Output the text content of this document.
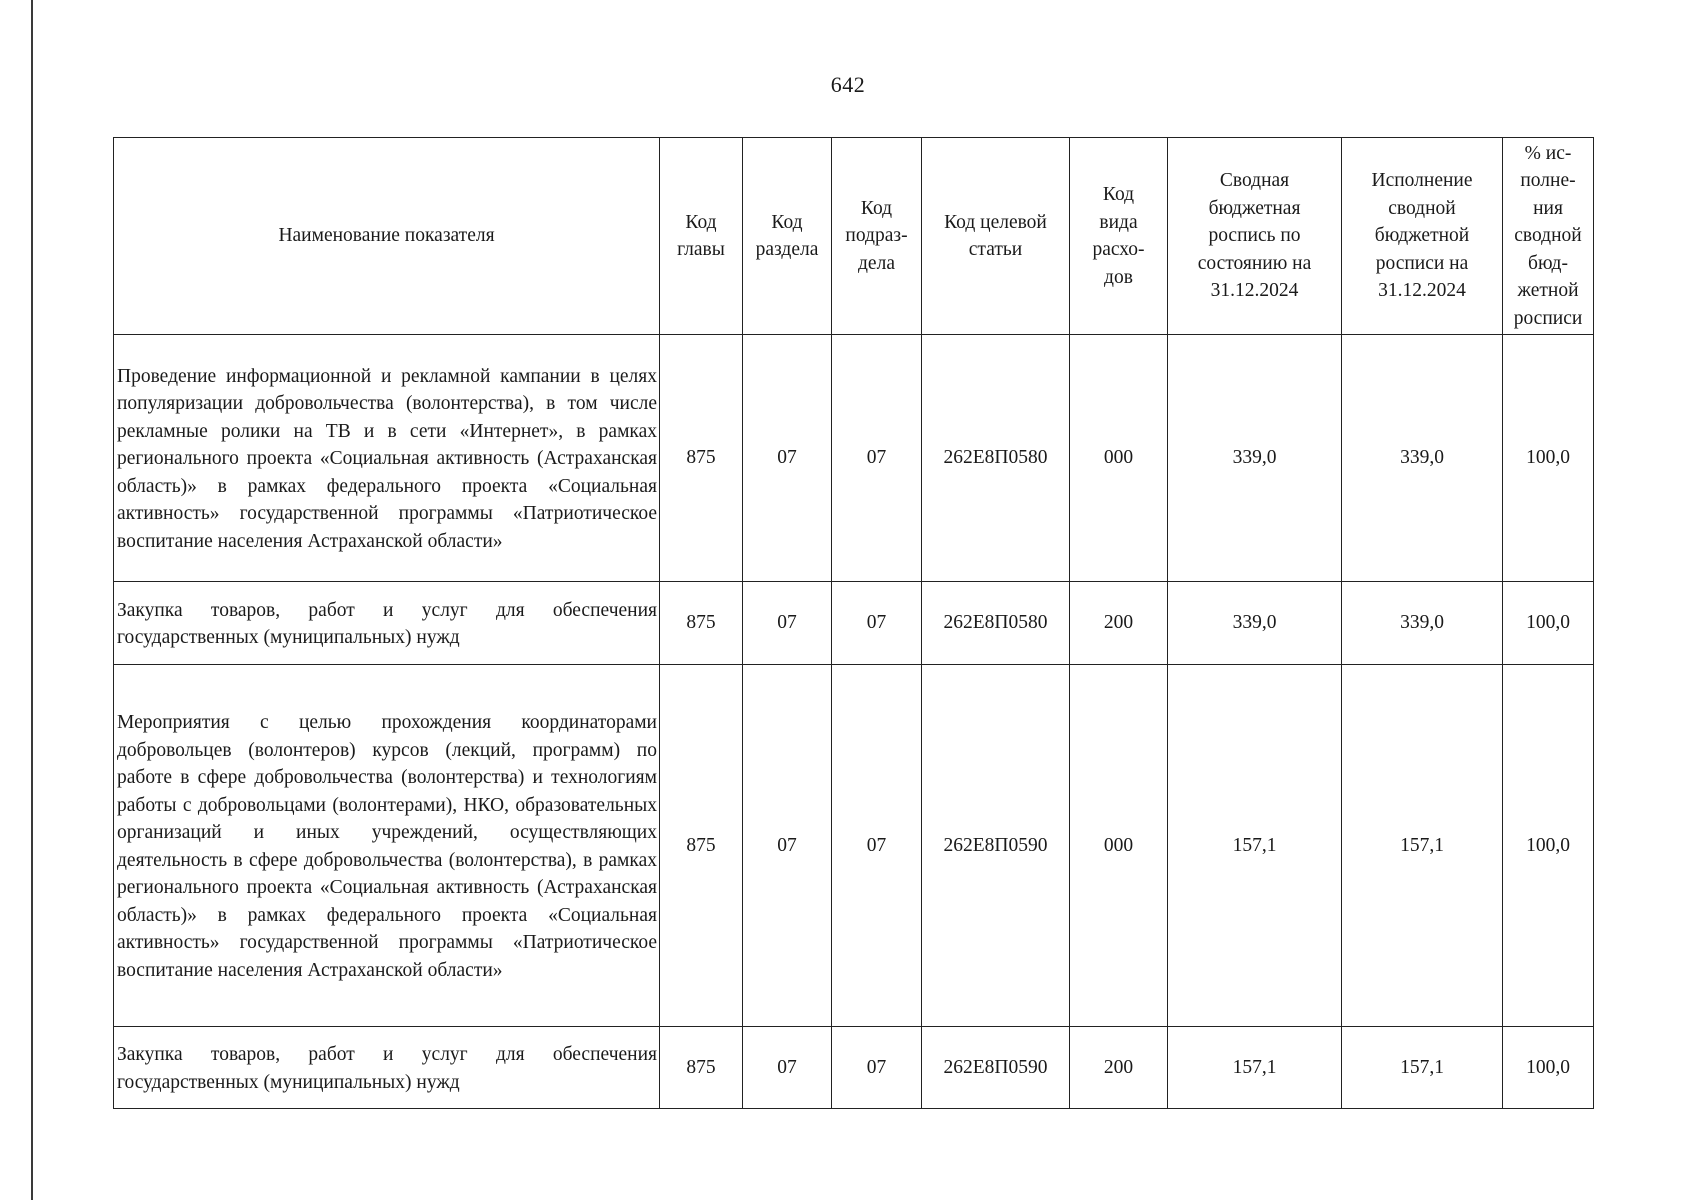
642
Наименование показателя	Код главы	Код раздела	Код подраз-дела	Код целевой статьи	Код вида расхо-дов	Сводная бюджетная роспись по состоянию на 31.12.2024	Исполнение сводной бюджетной росписи на 31.12.2024	% ис-полне-ния сводной бюд-жетной росписи
Проведение информационной и рекламной кампании в целях популяризации добровольчества (волонтерства), в том числе рекламные ролики на ТВ и в сети «Интернет», в рамках регионального проекта «Социальная активность (Астраханская область)» в рамках федерального проекта «Социальная активность» государственной программы «Патриотическое воспитание населения Астраханской области»	875	07	07	262Е8П0580	000	339,0	339,0	100,0
Закупка товаров, работ и услуг для обеспечения государственных (муниципальных) нужд	875	07	07	262Е8П0580	200	339,0	339,0	100,0
Мероприятия с целью прохождения координаторами добровольцев (волонтеров) курсов (лекций, программ) по работе в сфере добровольчества (волонтерства) и технологиям работы с добровольцами (волонтерами), НКО, образовательных организаций и иных учреждений, осуществляющих деятельность в сфере добровольчества (волонтерства), в рамках регионального проекта «Социальная активность (Астраханская область)» в рамках федерального проекта «Социальная активность» государственной программы «Патриотическое воспитание населения Астраханской области»	875	07	07	262Е8П0590	000	157,1	157,1	100,0
Закупка товаров, работ и услуг для обеспечения государственных (муниципальных) нужд	875	07	07	262Е8П0590	200	157,1	157,1	100,0
